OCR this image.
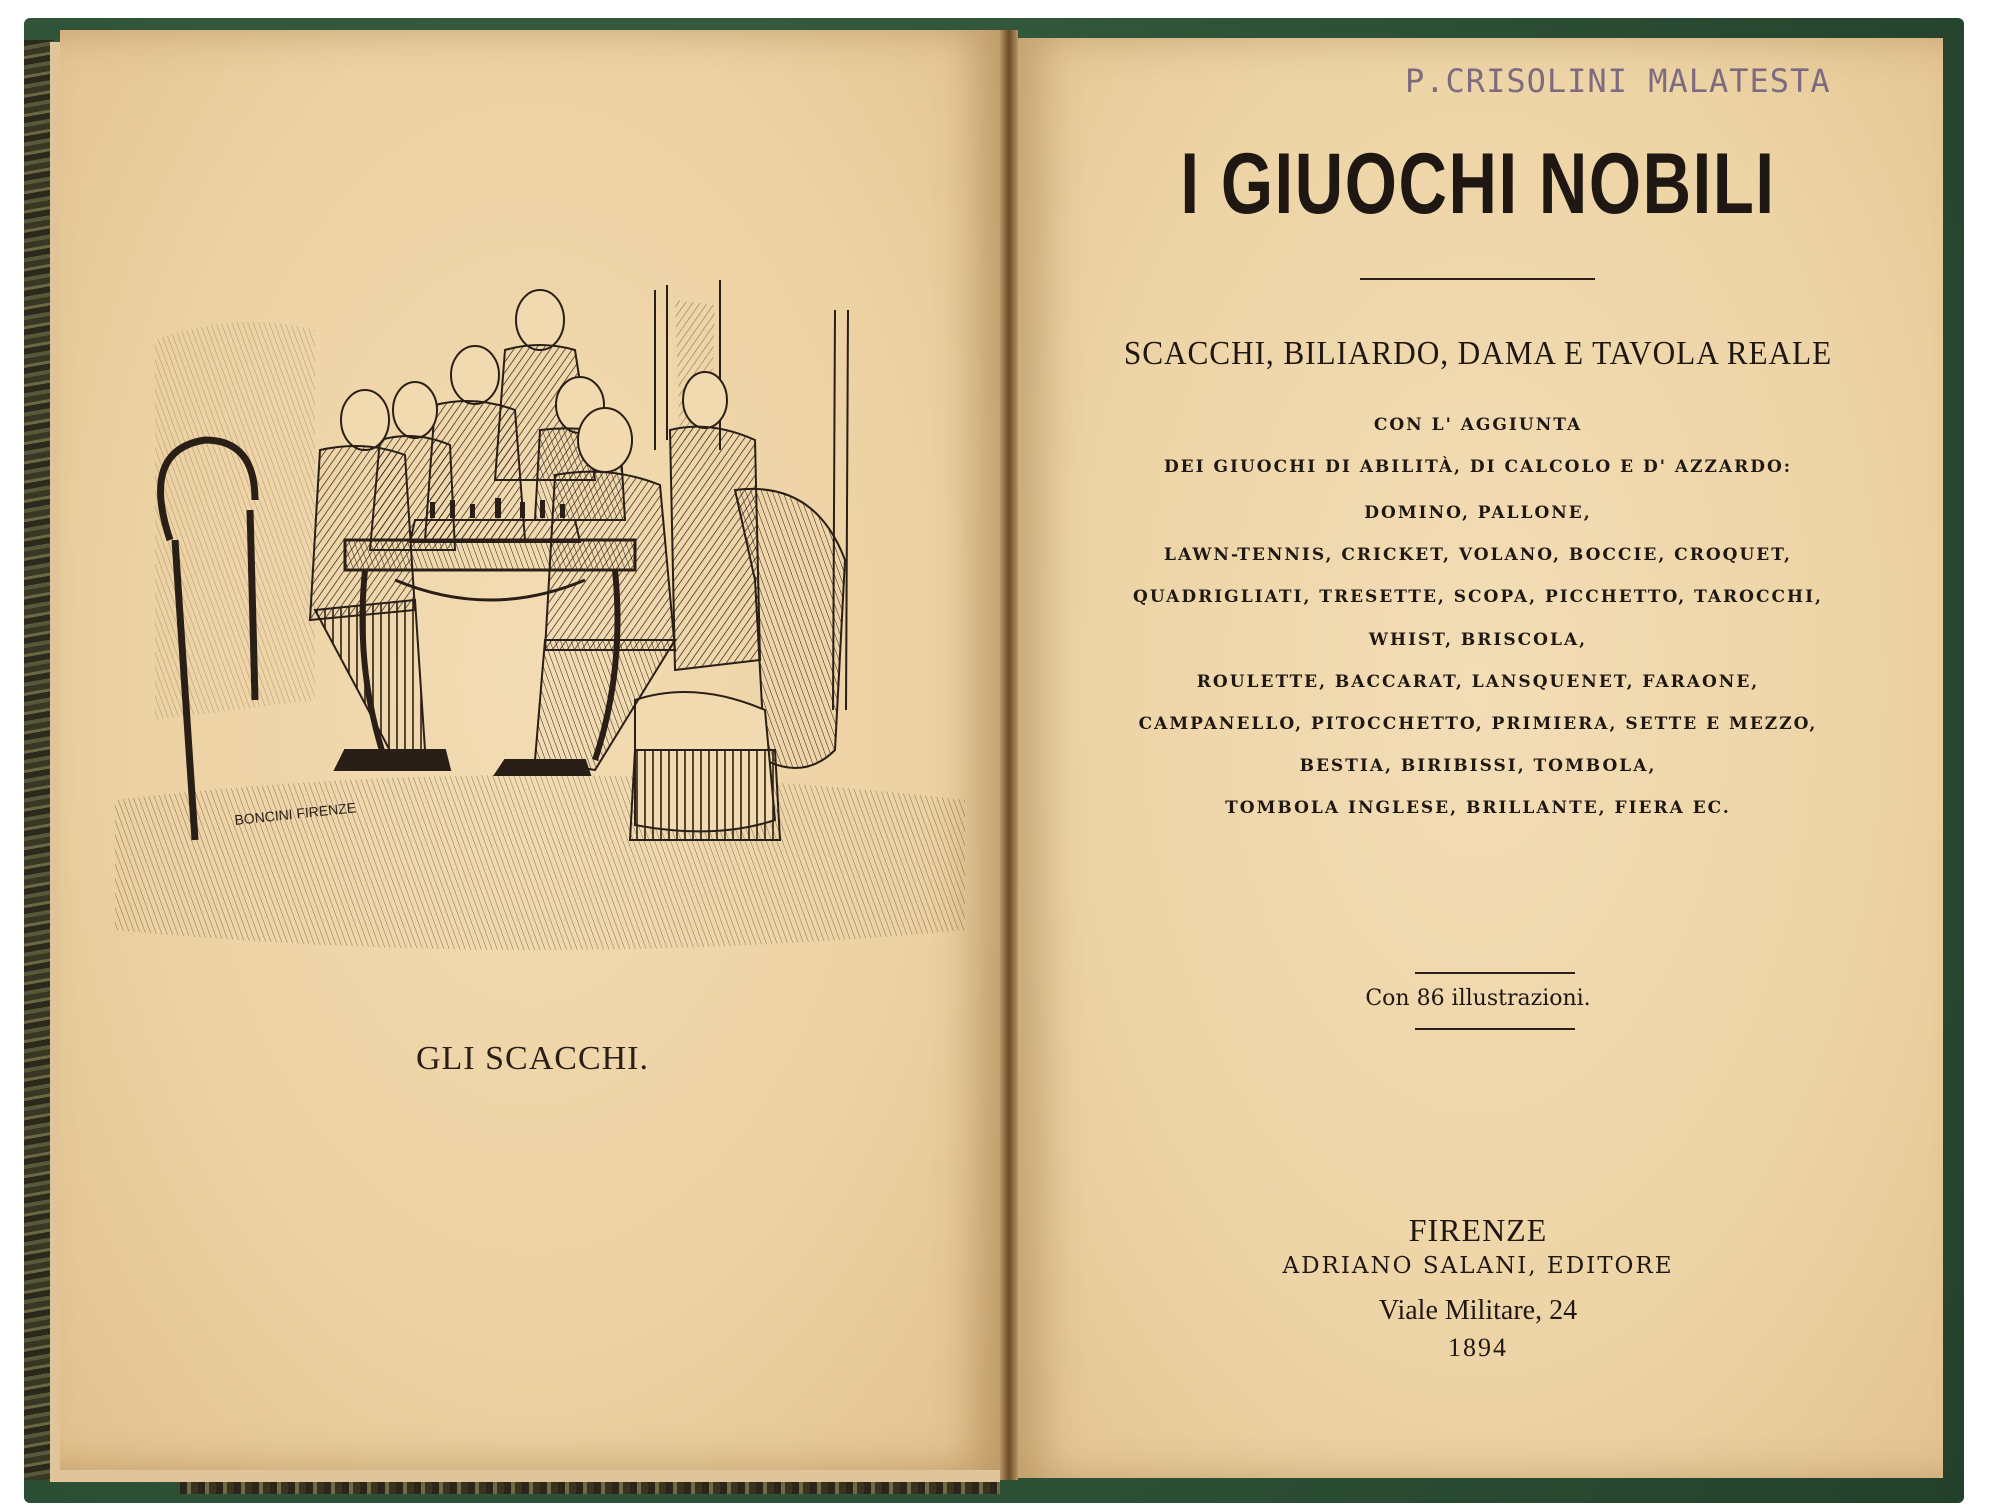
BONCINI FIRENZE
GLI SCACCHI.
P.CRISOLINI MALATESTA
I GIUOCHI NOBILI
SCACCHI, BILIARDO, DAMA E TAVOLA REALE
CON L' AGGIUNTA
DEI GIUOCHI DI ABILITÀ, DI CALCOLO E D' AZZARDO:
DOMINO, PALLONE,
LAWN-TENNIS, CRICKET, VOLANO, BOCCIE, CROQUET,
QUADRIGLIATI, TRESETTE, SCOPA, PICCHETTO, TAROCCHI,
WHIST, BRISCOLA,
ROULETTE, BACCARAT, LANSQUENET, FARAONE,
CAMPANELLO, PITOCCHETTO, PRIMIERA, SETTE E MEZZO,
BESTIA, BIRIBISSI, TOMBOLA,
TOMBOLA INGLESE, BRILLANTE, FIERA EC.
Con 86 illustrazioni.
FIRENZE
ADRIANO SALANI, EDITORE
Viale Militare, 24
1894
